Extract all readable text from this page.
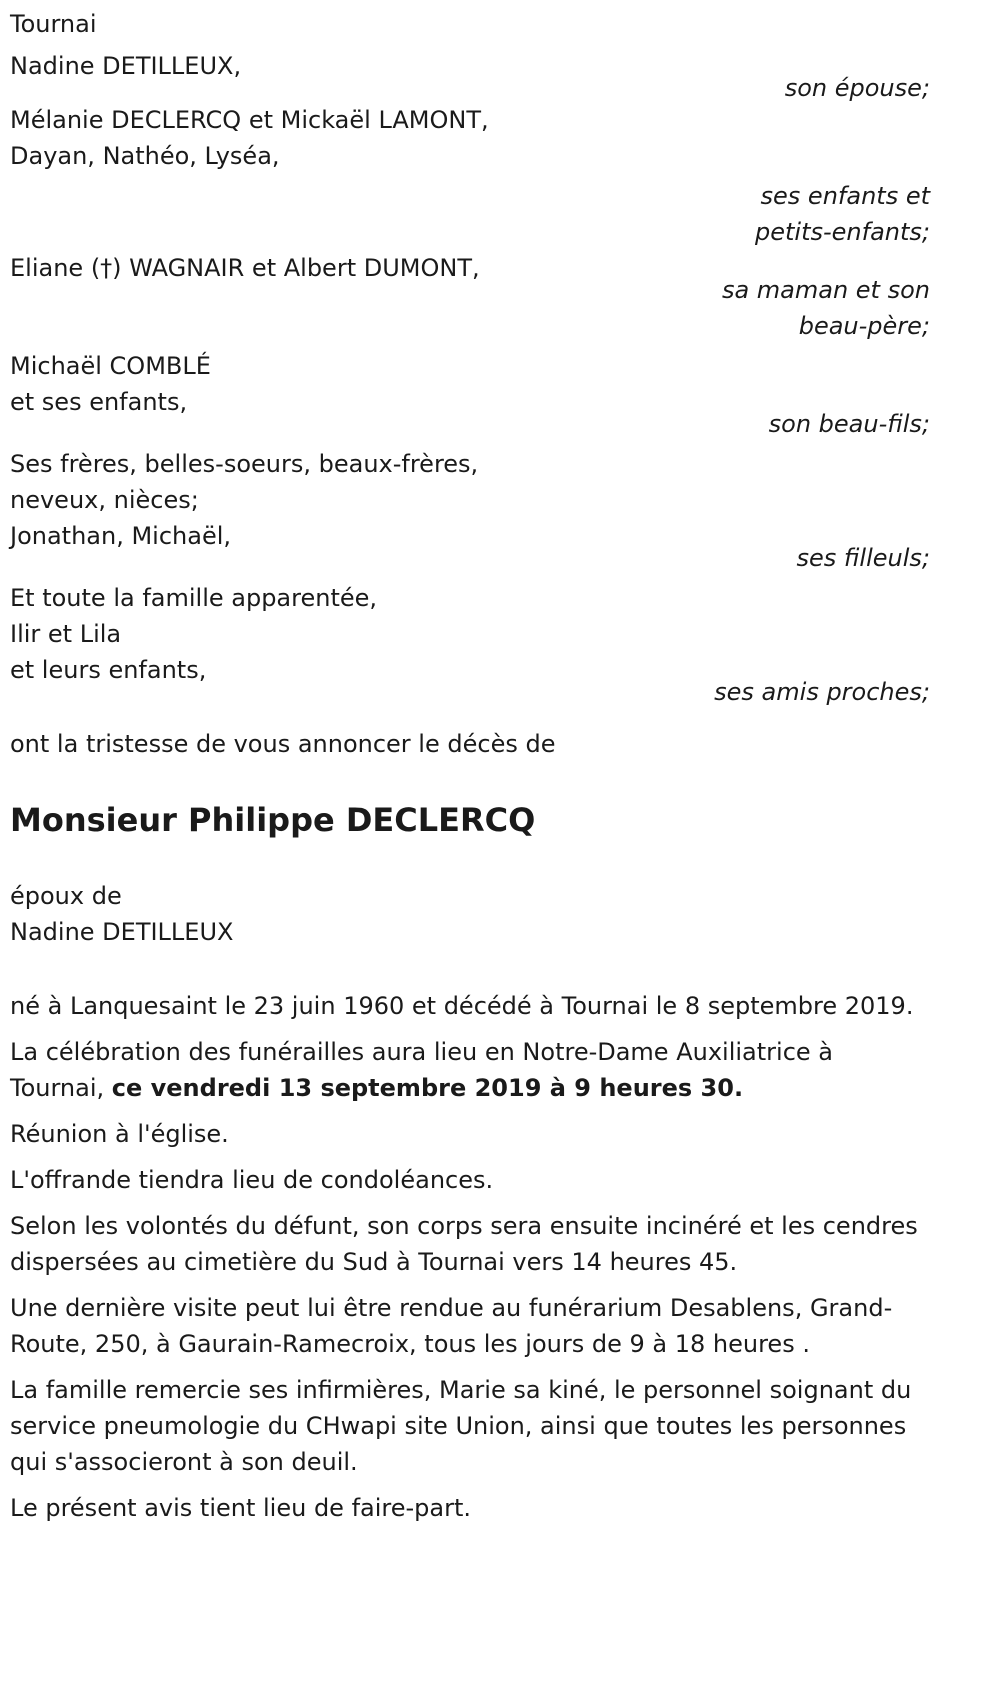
Tournai
Nadine DETILLEUX,
son épouse;
Mélanie DECLERCQ et Mickaël LAMONT,
Dayan, Nathéo, Lyséa,
ses enfants et
petits-enfants;
Eliane (†) WAGNAIR et Albert DUMONT,
sa maman et son
beau-père;
Michaël COMBLÉ
et ses enfants,
son beau-fils;
Ses frères, belles-soeurs, beaux-frères,
neveux, nièces;
Jonathan, Michaël,
ses filleuls;
Et toute la famille apparentée,
Ilir et Lila
et leurs enfants,
ses amis proches;
ont la tristesse de vous annoncer le décès de
Monsieur Philippe DECLERCQ
époux de
Nadine DETILLEUX
né à Lanquesaint le 23 juin 1960 et décédé à Tournai le 8 septembre 2019.
La célébration des funérailles aura lieu en Notre-Dame Auxiliatrice à Tournai, ce vendredi 13 septembre 2019 à 9 heures 30.
Réunion à l'église.
L'offrande tiendra lieu de condoléances.
Selon les volontés du défunt, son corps sera ensuite incinéré et les cendres dispersées au cimetière du Sud à Tournai vers 14 heures 45.
Une dernière visite peut lui être rendue au funérarium Desablens, Grand-Route, 250, à Gaurain-Ramecroix, tous les jours de 9 à 18 heures .
La famille remercie ses infirmières, Marie sa kiné, le personnel soignant du service pneumologie du CHwapi site Union, ainsi que toutes les personnes qui s'associeront à son deuil.
Le présent avis tient lieu de faire-part.
